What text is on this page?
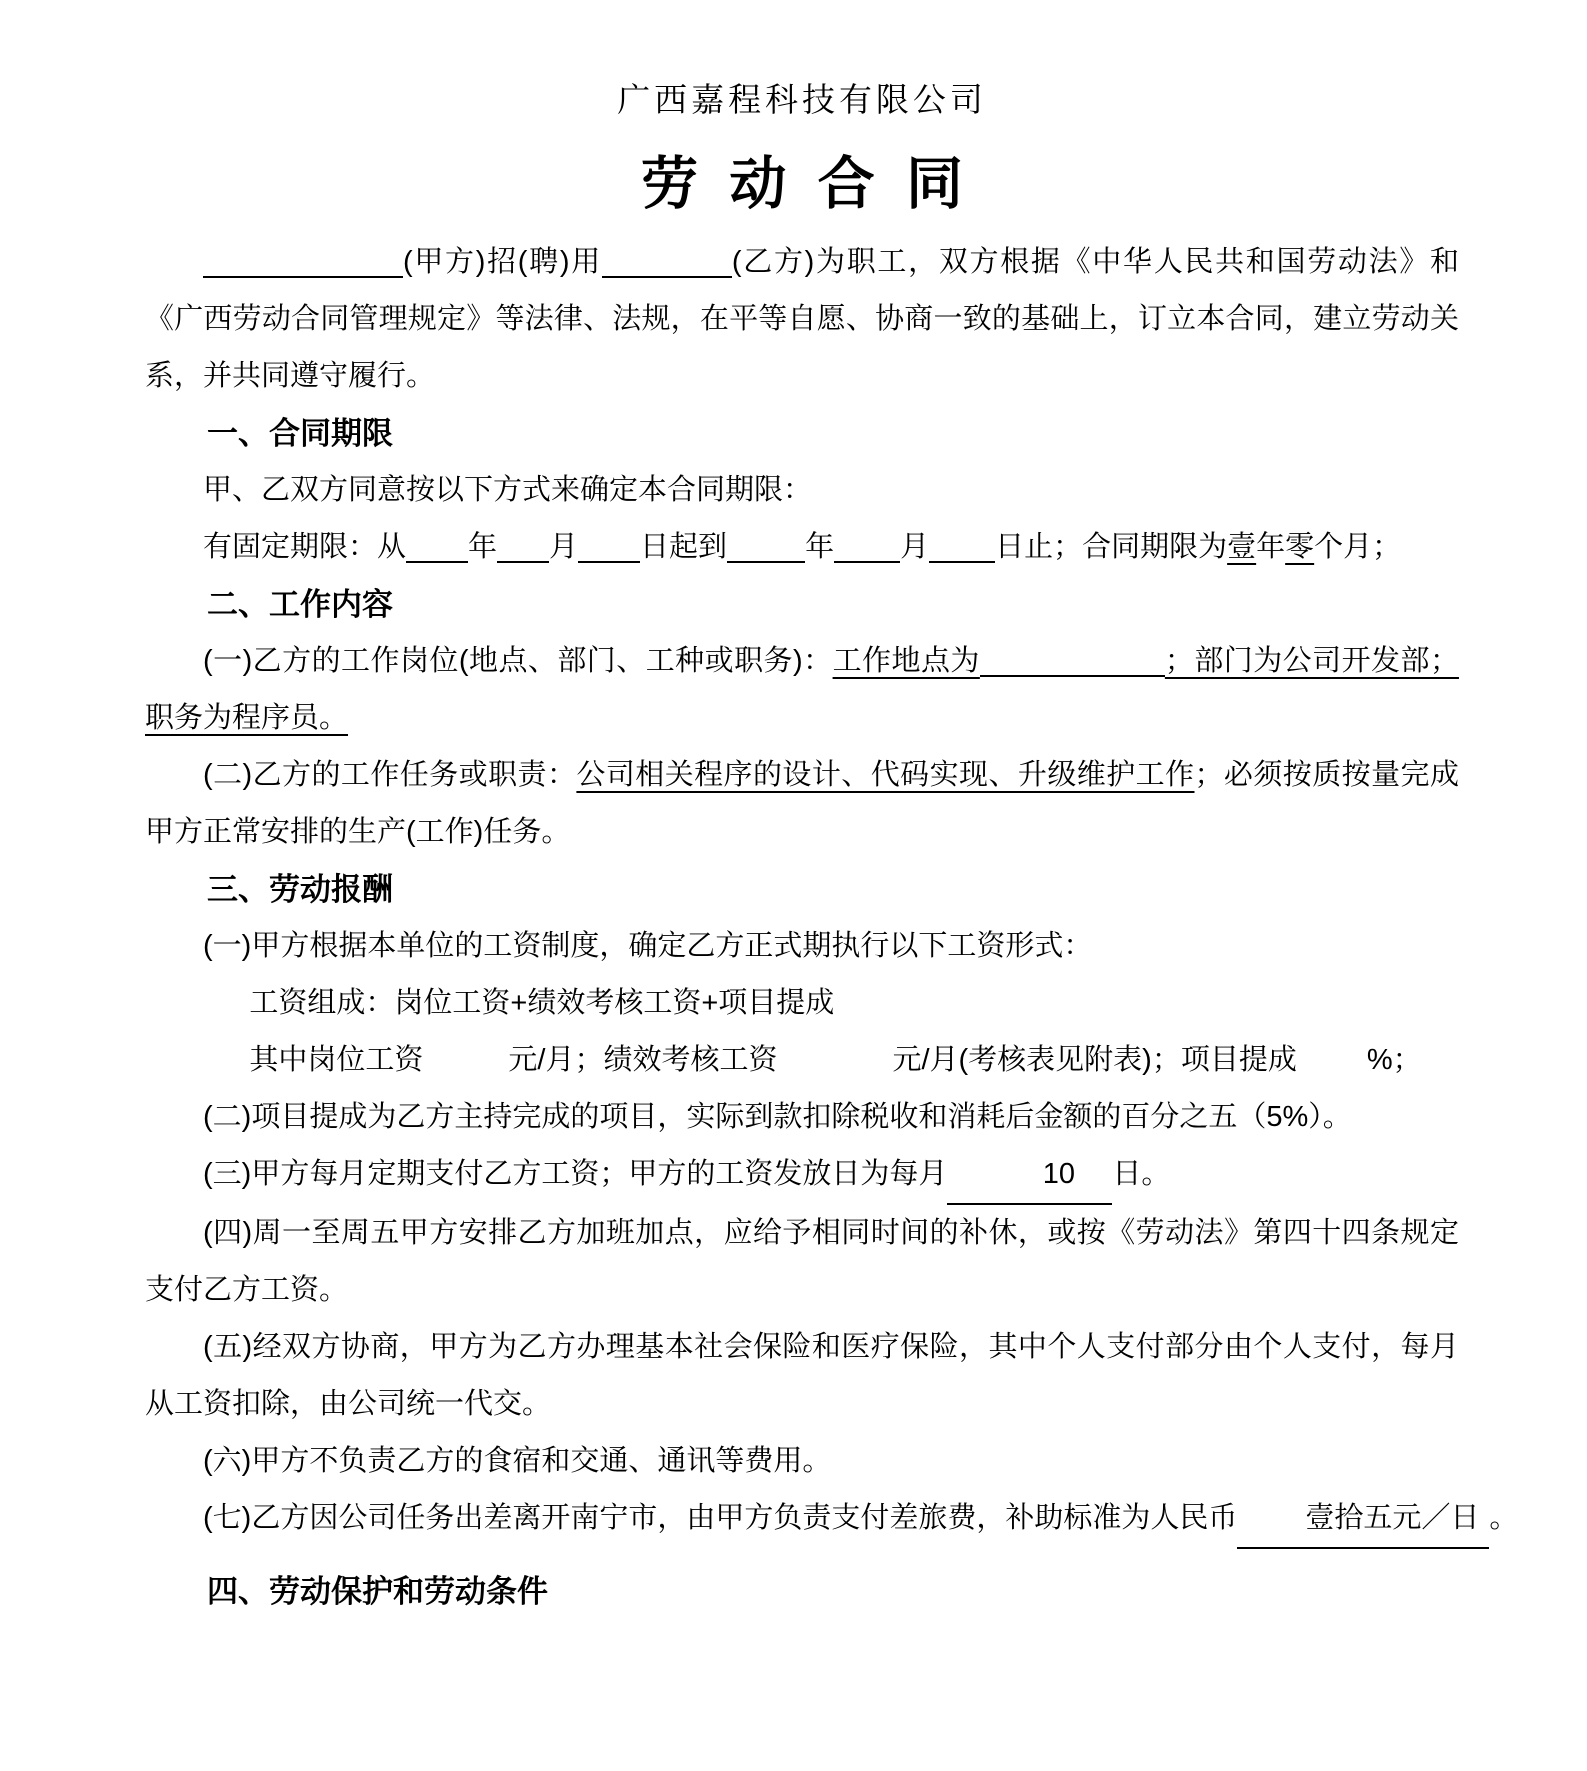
广西嘉程科技有限公司
劳动合同

(甲方)招(聘)用	(乙方)为职工，双方根据《中华人民共和国劳动法》和《广西劳动合同管理规定》等法律、法规，在平等自愿、协商一致的基础上，订立本合同，建立劳动关系，并共同遵守履行。

一、合同期限

甲、乙双方同意按以下方式来确定本合同期限：

有固定期限：从 年 月 日起到	年 月 日止；合同期限为壹年零个月；

二、工作内容

(一)乙方的工作岗位(地点、部门、工种或职务)：工作地点为	；部门为公司开发部；职务为程序员。

(二)乙方的工作任务或职责：公司相关程序的设计、代码实现、升级维护工作；必须按质按量完成甲方正常安排的生产(工作)任务。

三、劳动报酬

(一)甲方根据本单位的工资制度，确定乙方正式期执行以下工资形式：

工资组成：岗位工资+绩效考核工资+项目提成

其中岗位工资	元/月；绩效考核工资	元/月(考核表见附表)；项目提成 %；

(二)项目提成为乙方主持完成的项目，实际到款扣除税收和消耗后金额的百分之五（5%）。

(三)甲方每月定期支付乙方工资；甲方的工资发放日为每月	10 日。

(四)周一至周五甲方安排乙方加班加点，应给予相同时间的补休，或按《劳动法》第四十四条规定支付乙方工资。

(五)经双方协商，甲方为乙方办理基本社会保险和医疗保险，其中个人支付部分由个人支付，每月从工资扣除，由公司统一代交。

(六)甲方不负责乙方的食宿和交通、通讯等费用。

(七)乙方因公司任务出差离开南宁市，由甲方负责支付差旅费，补助标准为人民币 壹拾五元／日 。

四、劳动保护和劳动条件
